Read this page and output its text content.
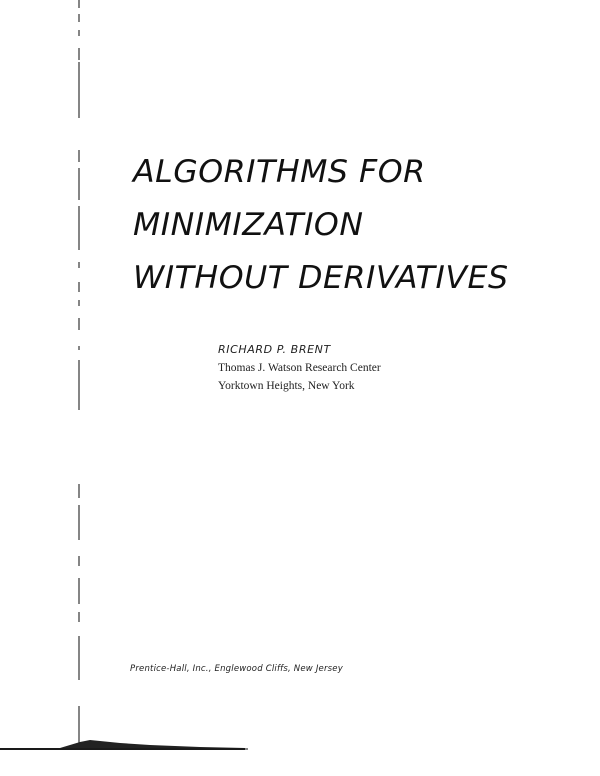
ALGORITHMS FOR
MINIMIZATION
WITHOUT DERIVATIVES
RICHARD P. BRENT
Thomas J. Watson Research Center
Yorktown Heights, New York
Prentice-Hall, Inc., Englewood Cliffs, New Jersey
